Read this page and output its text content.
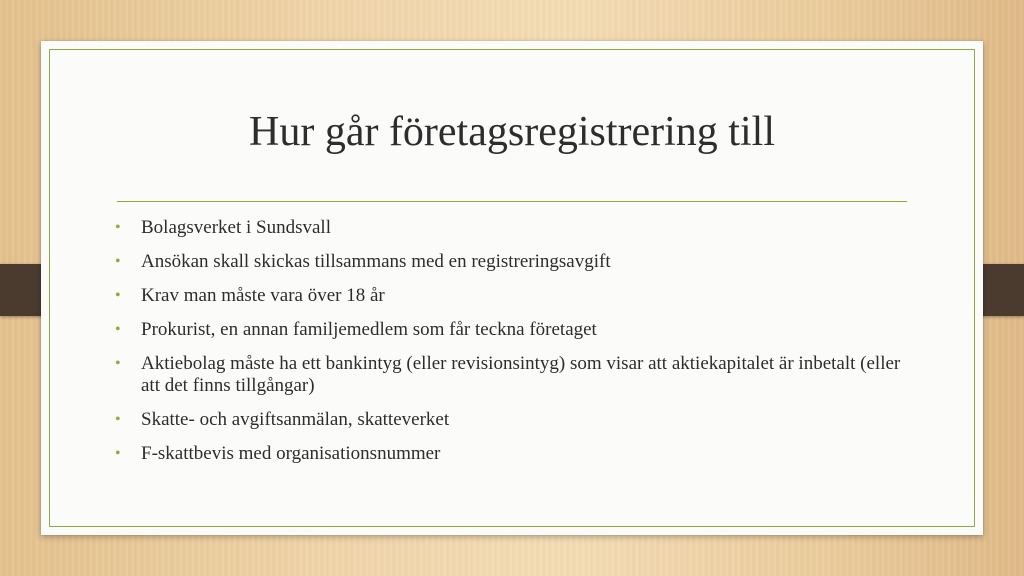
Hur går företagsregistrering till
• Bolagsverket i Sundsvall
• Ansökan skall skickas tillsammans med en registreringsavgift
• Krav man måste vara över 18 år
• Prokurist, en annan familjemedlem som får teckna företaget
• Aktiebolag måste ha ett bankintyg (eller revisionsintyg) som visar att aktiekapitalet är inbetalt (eller att det finns tillgångar)
• Skatte- och avgiftsanmälan, skatteverket
• F-skattbevis med organisationsnummer
